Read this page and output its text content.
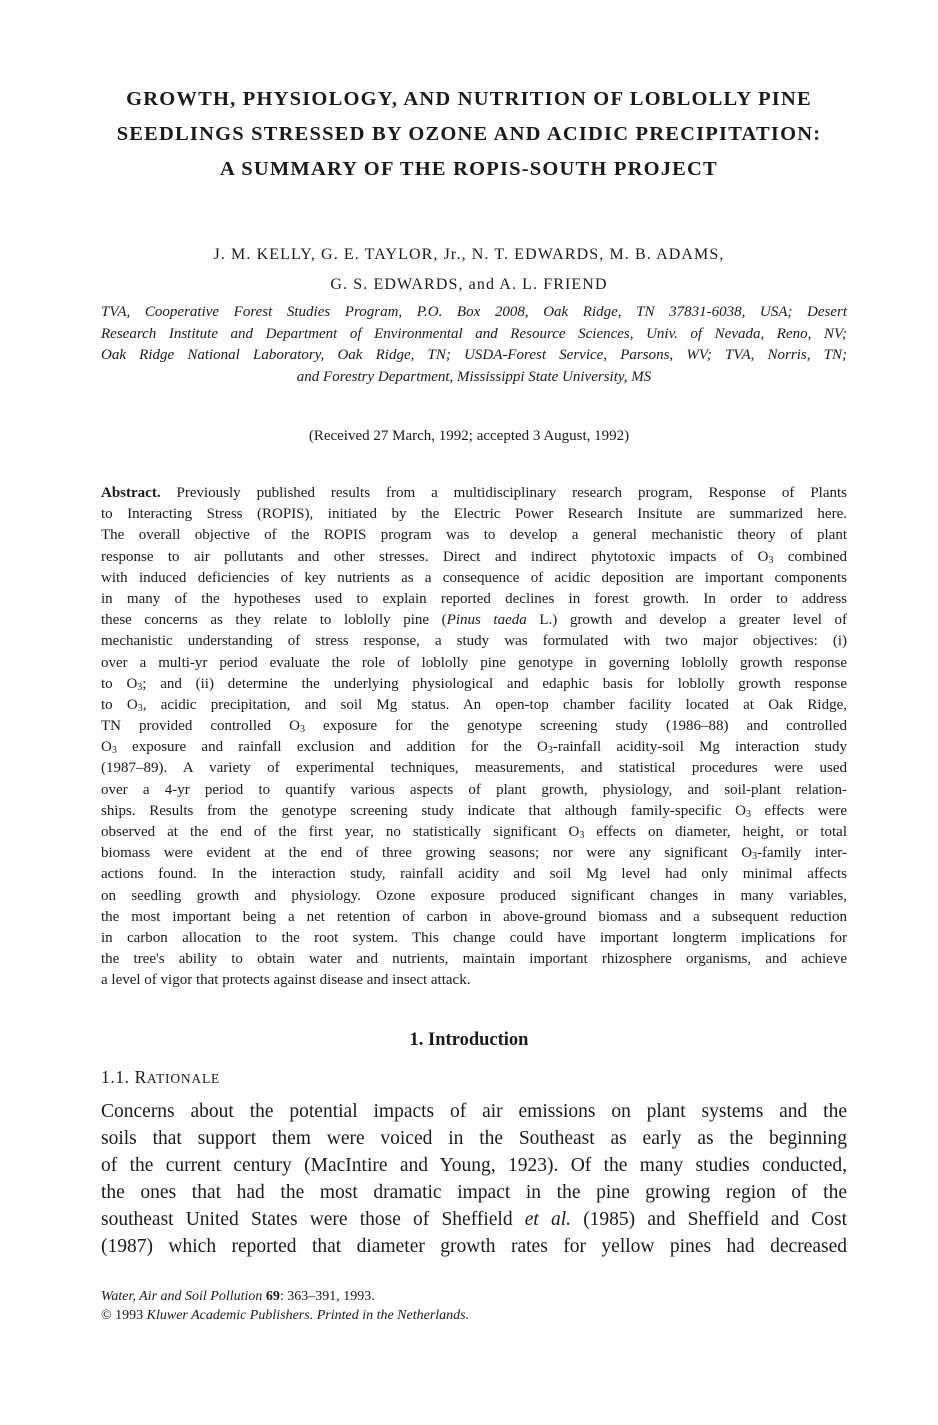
GROWTH, PHYSIOLOGY, AND NUTRITION OF LOBLOLLY PINE
SEEDLINGS STRESSED BY OZONE AND ACIDIC PRECIPITATION:
A SUMMARY OF THE ROPIS-SOUTH PROJECT
J. M. KELLY, G. E. TAYLOR, Jr., N. T. EDWARDS, M. B. ADAMS,
G. S. EDWARDS, and A. L. FRIEND
TVA, Cooperative Forest Studies Program, P.O. Box 2008, Oak Ridge, TN 37831-6038, USA; Desert
Research Institute and Department of Environmental and Resource Sciences, Univ. of Nevada, Reno, NV;
Oak Ridge National Laboratory, Oak Ridge, TN; USDA-Forest Service, Parsons, WV; TVA, Norris, TN;
and Forestry Department, Mississippi State University, MS
(Received 27 March, 1992; accepted 3 August, 1992)
Abstract. Previously published results from a multidisciplinary research program, Response of Plants
to Interacting Stress (ROPIS), initiated by the Electric Power Research Insitute are summarized here.
The overall objective of the ROPIS program was to develop a general mechanistic theory of plant
response to air pollutants and other stresses. Direct and indirect phytotoxic impacts of $O_3$ combined
with induced deficiencies of key nutrients as a consequence of acidic deposition are important components
in many of the hypotheses used to explain reported declines in forest growth. In order to address
these concerns as they relate to loblolly pine (Pinus taeda L.) growth and develop a greater level of
mechanistic understanding of stress response, a study was formulated with two major objectives: (i)
over a multi-yr period evaluate the role of loblolly pine genotype in governing loblolly growth response
to $O_3$; and (ii) determine the underlying physiological and edaphic basis for loblolly growth response
to $O_3$, acidic precipitation, and soil Mg status. An open-top chamber facility located at Oak Ridge,
TN provided controlled $O_3$ exposure for the genotype screening study (1986–88) and controlled
$O_3$ exposure and rainfall exclusion and addition for the $O_3$-rainfall acidity-soil Mg interaction study
(1987–89). A variety of experimental techniques, measurements, and statistical procedures were used
over a 4-yr period to quantify various aspects of plant growth, physiology, and soil-plant relation-
ships. Results from the genotype screening study indicate that although family-specific $O_3$ effects were
observed at the end of the first year, no statistically significant $O_3$ effects on diameter, height, or total
biomass were evident at the end of three growing seasons; nor were any significant $O_3$-family inter-
actions found. In the interaction study, rainfall acidity and soil Mg level had only minimal affects
on seedling growth and physiology. Ozone exposure produced significant changes in many variables,
the most important being a net retention of carbon in above-ground biomass and a subsequent reduction
in carbon allocation to the root system. This change could have important longterm implications for
the tree's ability to obtain water and nutrients, maintain important rhizosphere organisms, and achieve
a level of vigor that protects against disease and insect attack.
1. Introduction
1.1. RATIONALE
Concerns about the potential impacts of air emissions on plant systems and the
soils that support them were voiced in the Southeast as early as the beginning
of the current century (MacIntire and Young, 1923). Of the many studies conducted,
the ones that had the most dramatic impact in the pine growing region of the
southeast United States were those of Sheffield et al. (1985) and Sheffield and Cost
(1987) which reported that diameter growth rates for yellow pines had decreased
Water, Air and Soil Pollution 69: 363–391, 1993.
© 1993 Kluwer Academic Publishers. Printed in the Netherlands.
